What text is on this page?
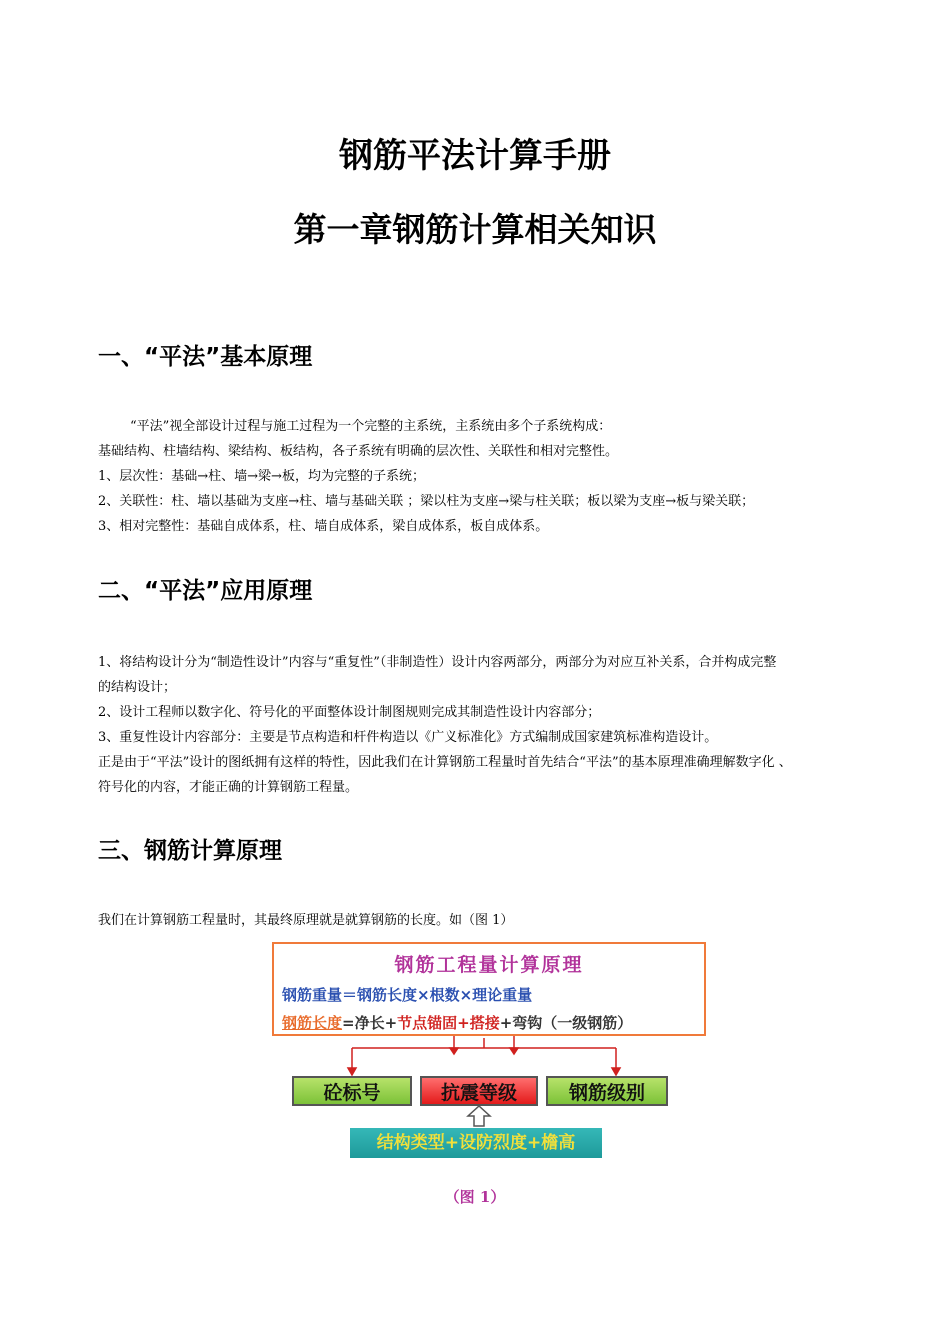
钢筋平法计算手册
第一章钢筋计算相关知识
一、“平法”基本原理

“平法”视全部设计过程与施工过程为一个完整的主系统，主系统由多个子系统构成：

基础结构、柱墙结构、梁结构、板结构，各子系统有明确的层次性、关联性和相对完整性。

1、层次性：基础→柱、墙→梁→板，均为完整的子系统；

2、关联性：柱、墙以基础为支座→柱、墙与基础关联 ；梁以柱为支座→梁与柱关联；板以梁为支座→板与梁关联；

3、相对完整性：基础自成体系，柱、墙自成体系，梁自成体系，板自成体系。

二、“平法”应用原理

1、将结构设计分为“制造性设计”内容与“重复性”（非制造性）设计内容两部分，两部分为对应互补关系，合并构成完整

的结构设计；

2、设计工程师以数字化、符号化的平面整体设计制图规则完成其制造性设计内容部分；

3、重复性设计内容部分：主要是节点构造和杆件构造以《广义标准化》方式编制成国家建筑标准构造设计。

正是由于“平法”设计的图纸拥有这样的特性，因此我们在计算钢筋工程量时首先结合“平法”的基本原理准确理解数字化 、

符号化的内容，才能正确的计算钢筋工程量。

三、钢筋计算原理

我们在计算钢筋工程量时，其最终原理就是就算钢筋的长度。如（图 1）

钢筋工程量计算原理
钢筋重量＝钢筋长度×根数×理论重量
钢筋长度=净长+节点锚固+搭接+弯钩（一级钢筋）
砼标号	抗震等级	钢筋级别
结构类型+设防烈度+檐高
（图 1）
